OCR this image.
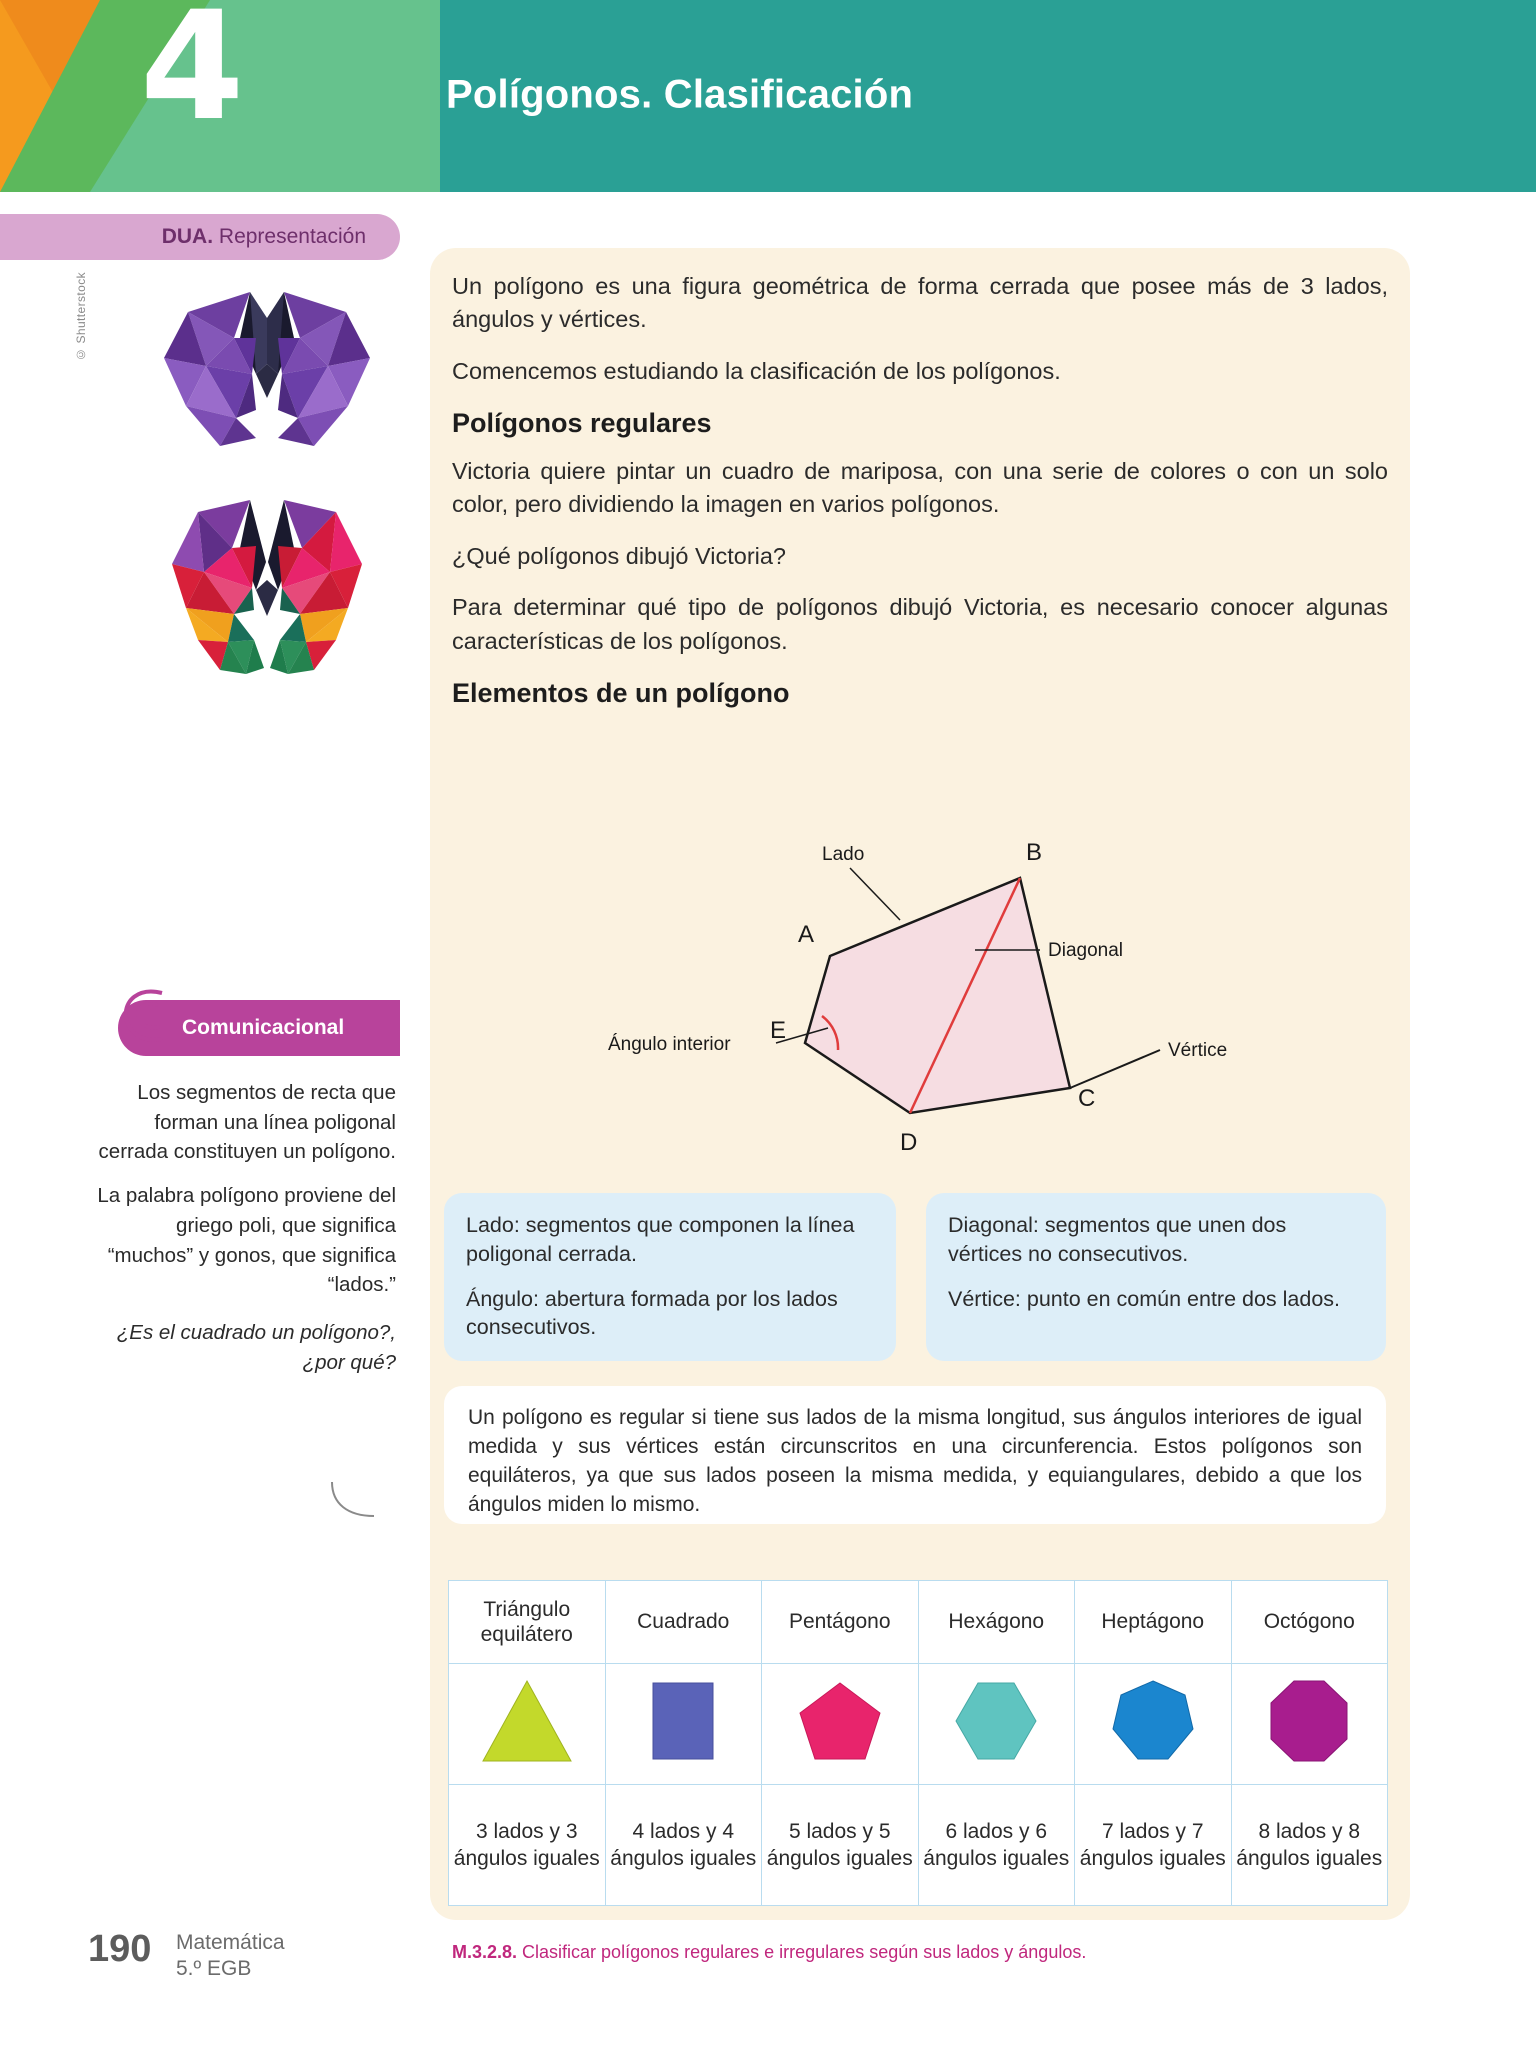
4	Polígonos. Clasificación
DUA. Representación
© Shutterstock
Comunicacional

Los segmentos de recta que forman una línea poligonal cerrada constituyen un polígono.

La palabra polígono proviene del griego poli, que significa “muchos” y gonos, que significa “lados.”

¿Es el cuadrado un polígono?, ¿por qué?

Un polígono es una figura geométrica de forma cerrada que posee más de 3 lados, ángulos y vértices.

Comencemos estudiando la clasificación de los polígonos.

Polígonos regulares

Victoria quiere pintar un cuadro de mariposa, con una serie de colores o con un solo color, pero dividiendo la imagen en varios polígonos.

¿Qué polígonos dibujó Victoria?

Para determinar qué tipo de polígonos dibujó Victoria, es necesario conocer algunas características de los polígonos.

Elementos de un polígono
Lado
Diagonal
Vértice
Ángulo interior
A
B
C
D
E

Lado: segmentos que componen la línea poligonal cerrada.

Ángulo: abertura formada por los lados consecutivos.

Diagonal: segmentos que unen dos vértices no consecutivos.

Vértice: punto en común entre dos lados.

Un polígono es regular si tiene sus lados de la misma longitud, sus ángulos interiores de igual medida y sus vértices están circunscritos en una circunferencia. Estos polígonos son equiláteros, ya que sus lados poseen la misma medida, y equiangulares, debido a que los ángulos miden lo mismo.

Triángulo equilátero	Cuadrado	Pentágono	Hexágono	Heptágono	Octógono

3 lados y 3 ángulos iguales	4 lados y 4 ángulos iguales	5 lados y 5 ángulos iguales	6 lados y 6 ángulos iguales	7 lados y 7 ángulos iguales	8 lados y 8 ángulos iguales
190 Matemática
5.º EGB
M.3.2.8. Clasificar polígonos regulares e irregulares según sus lados y ángulos.
